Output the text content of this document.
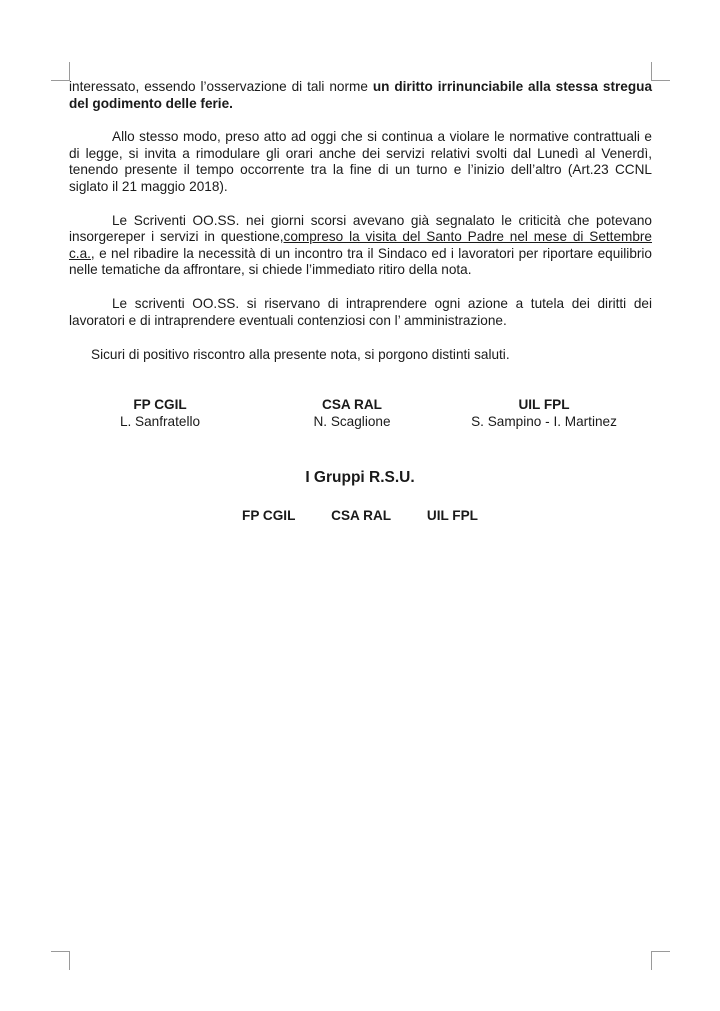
interessato, essendo l’osservazione di tali norme un diritto irrinunciabile alla stessa stregua del godimento delle ferie.

Allo stesso modo, preso atto ad oggi che si continua a violare le normative contrattuali e di legge, si invita a rimodulare gli orari anche dei servizi relativi svolti dal Lunedì al Venerdì, tenendo presente il tempo occorrente tra la fine di un turno e l’inizio dell’altro (Art.23 CCNL siglato il 21 maggio 2018).

Le Scriventi OO.SS. nei giorni scorsi avevano già segnalato le criticità che potevano insorgereper i servizi in questione,compreso la visita del Santo Padre nel mese di Settembre c.a., e nel ribadire la necessità di un incontro tra il Sindaco ed i lavoratori per riportare equilibrio nelle tematiche da affrontare, si chiede l’immediato ritiro della nota.

Le scriventi OO.SS. si riservano di intraprendere ogni azione a tutela dei diritti dei lavoratori e di intraprendere eventuali contenziosi con l’ amministrazione.

Sicuri di positivo riscontro alla presente nota, si porgono distinti saluti.

FP CGIL
L. Sanfratello
CSA RAL
N. Scaglione
UIL FPL
S. Sampino - I. Martinez
I Gruppi R.S.U.
FP CGIL	CSA RAL	UIL FPL
